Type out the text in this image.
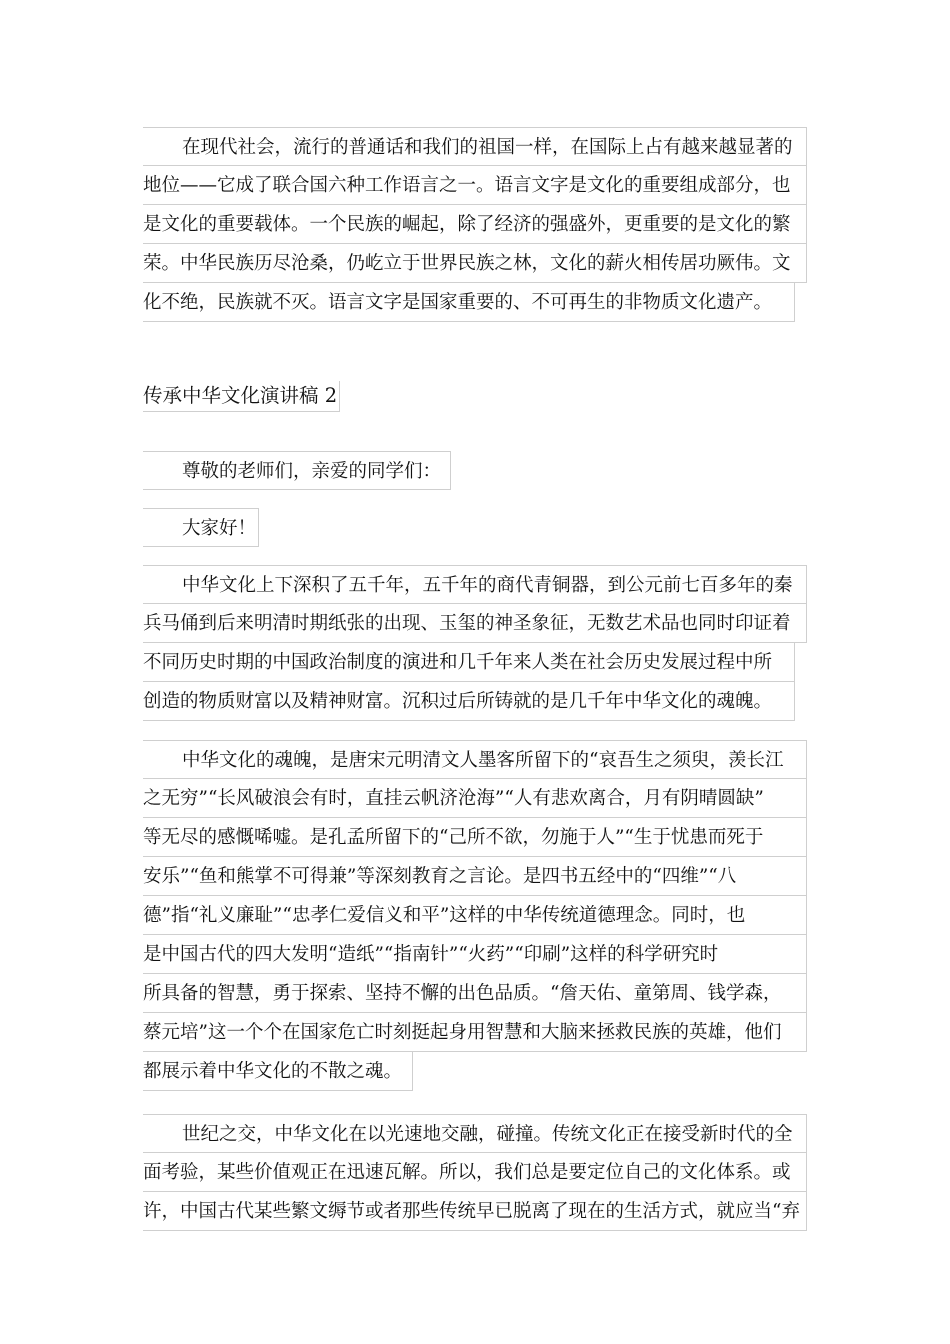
在现代社会，流行的普通话和我们的祖国一样，在国际上占有越来越显著的
地位——它成了联合国六种工作语言之一。语言文字是文化的重要组成部分，也
是文化的重要载体。一个民族的崛起，除了经济的强盛外，更重要的是文化的繁
荣。中华民族历尽沧桑，仍屹立于世界民族之林，文化的薪火相传居功厥伟。文
化不绝，民族就不灭。语言文字是国家重要的、不可再生的非物质文化遗产。
传承中华文化演讲稿 2
尊敬的老师们，亲爱的同学们：
大家好！
中华文化上下深积了五千年，五千年的商代青铜器，到公元前七百多年的秦
兵马俑到后来明清时期纸张的出现、玉玺的神圣象征，无数艺术品也同时印证着
不同历史时期的中国政治制度的演进和几千年来人类在社会历史发展过程中所
创造的物质财富以及精神财富。沉积过后所铸就的是几千年中华文化的魂魄。
中华文化的魂魄，是唐宋元明清文人墨客所留下的“哀吾生之须臾，羡长江
之无穷”“长风破浪会有时，直挂云帆济沧海”“人有悲欢离合，月有阴晴圆缺”
等无尽的感慨唏嘘。是孔孟所留下的“己所不欲，勿施于人”“生于忧患而死于
安乐”“鱼和熊掌不可得兼”等深刻教育之言论。是四书五经中的“四维”“八
德”指“礼义廉耻”“忠孝仁爱信义和平”这样的中华传统道德理念。同时，也
是中国古代的四大发明“造纸”“指南针”“火药”“印刷”这样的科学研究时
所具备的智慧，勇于探索、坚持不懈的出色品质。“詹天佑、童第周、钱学森，
蔡元培”这一个个在国家危亡时刻挺起身用智慧和大脑来拯救民族的英雄，他们
都展示着中华文化的不散之魂。
世纪之交，中华文化在以光速地交融，碰撞。传统文化正在接受新时代的全
面考验，某些价值观正在迅速瓦解。所以，我们总是要定位自己的文化体系。或
许，中国古代某些繁文缛节或者那些传统早已脱离了现在的生活方式，就应当“弃
